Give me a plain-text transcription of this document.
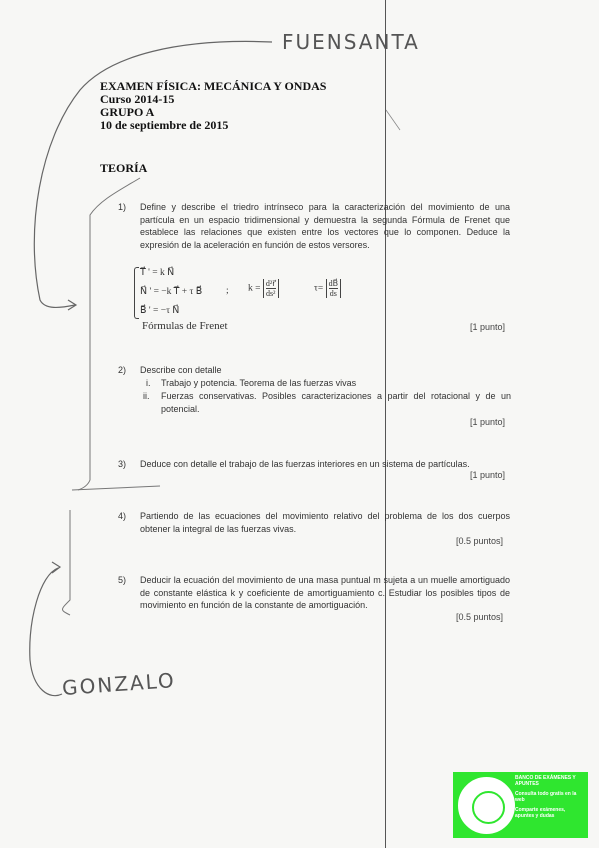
FUENSANTA
EXAMEN FÍSICA: MECÁNICA Y ONDAS
Curso 2014-15
GRUPO A
10 de septiembre de 2015
TEORÍA
1) Define y describe el triedro intrínseco para la caracterización del movimiento de una partícula en un espacio tridimensional y demuestra la segunda Fórmula de Frenet que establece las relaciones que existen entre los vectores que lo componen. Deduce la expresión de la aceleración en función de estos versores.
T⃗ ' = k N⃗
N⃗ ' = −k T⃗ + τ B⃗
B⃗ ' = −τ N⃗
; $k = \frac{\text{d²r⃗}}{\text{ds²}}$	$\tau= \frac{dB⃗}{ds}$
Fórmulas de Frenet	[1 punto]
2) Describe con detalle
i. Trabajo y potencia. Teorema de las fuerzas vivas
ii. Fuerzas conservativas. Posibles caracterizaciones a partir del rotacional y de un potencial.
[1 punto]
3) Deduce con detalle el trabajo de las fuerzas interiores en un sistema de partículas.
[1 punto]
4) Partiendo de las ecuaciones del movimiento relativo del problema de los dos cuerpos obtener la integral de las fuerzas vivas.
[0.5 puntos]
5) Deducir la ecuación del movimiento de una masa puntual m sujeta a un muelle amortiguado de constante elástica k y coeficiente de amortiguamiento c. Estudiar los posibles tipos de movimiento en función de la constante de amortiguación.
[0.5 puntos]
GONZALO
BANCO DE EXÁMENES Y APUNTES
Consulta todo gratis en la web
Comparte exámenes, apuntes y dudas
